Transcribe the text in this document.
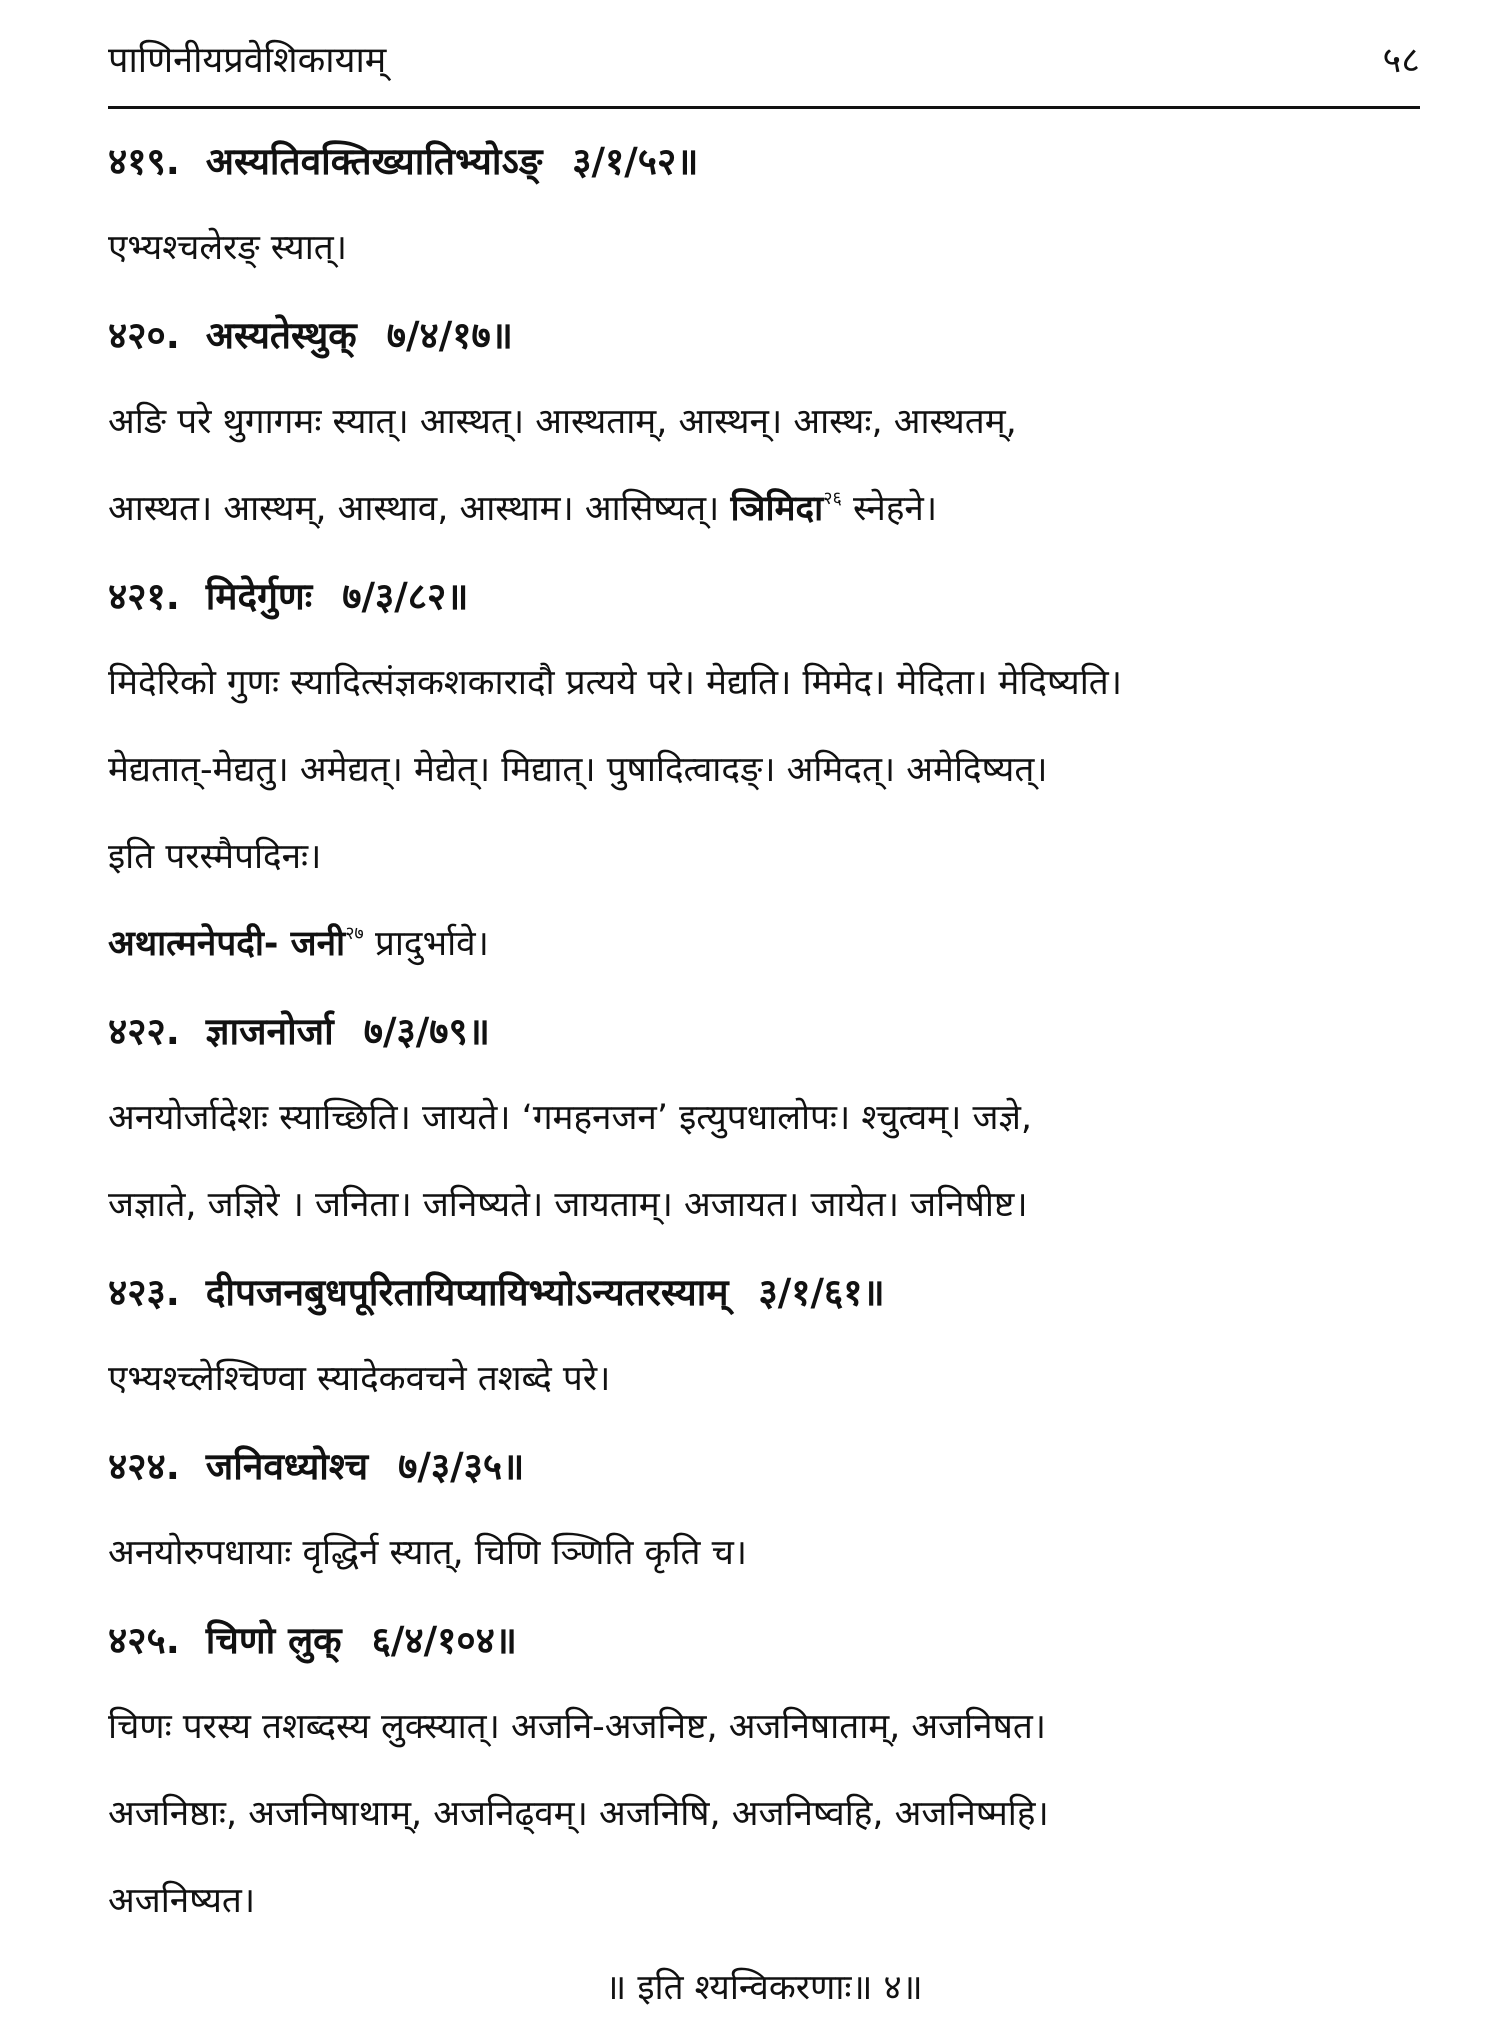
पाणिनीयप्रवेशिकायाम्	५८
४१९. अस्यतिवक्तिख्यातिभ्योऽङ् ३/१/५२॥
एभ्यश्चलेरङ् स्यात्।
४२०. अस्यतेस्थुक् ७/४/१७॥
अङि परे थुगागमः स्यात्। आस्थत्। आस्थताम्, आस्थन्। आस्थः, आस्थतम्,
आस्थत। आस्थम्, आस्थाव, आस्थाम। आसिष्यत्। ञिमिदा$^{२६}$ स्नेहने।
४२१. मिदेर्गुणः ७/३/८२॥
मिदेरिको गुणः स्यादित्संज्ञकशकारादौ प्रत्यये परे। मेद्यति। मिमेद। मेदिता। मेदिष्यति।
मेद्यतात्-मेद्यतु। अमेद्यत्। मेद्येत्। मिद्यात्। पुषादित्वादङ्। अमिदत्। अमेदिष्यत्।
इति परस्मैपदिनः।
अथात्मनेपदी- जनी$^{२७}$ प्रादुर्भावे।
४२२. ज्ञाजनोर्जा ७/३/७९॥
अनयोर्जादेशः स्याच्छिति। जायते। ‘गमहनजन’ इत्युपधालोपः। श्चुत्वम्। जज्ञे,
जज्ञाते, जज्ञिरे । जनिता। जनिष्यते। जायताम्। अजायत। जायेत। जनिषीष्ट।
४२३. दीपजनबुधपूरितायिप्यायिभ्योऽन्यतरस्याम् ३/१/६१॥
एभ्यश्च्लेश्चिण्वा स्यादेकवचने तशब्दे परे।
४२४. जनिवध्योश्च ७/३/३५॥
अनयोरुपधायाः वृद्धिर्न स्यात्, चिणि ञ्णिति कृति च।
४२५. चिणो लुक् ६/४/१०४॥
चिणः परस्य तशब्दस्य लुक्स्यात्। अजनि-अजनिष्ट, अजनिषाताम्, अजनिषत।
अजनिष्ठाः, अजनिषाथाम्, अजनिढ्वम्। अजनिषि, अजनिष्वहि, अजनिष्महि।
अजनिष्यत।
॥ इति श्यन्विकरणाः॥ ४॥
